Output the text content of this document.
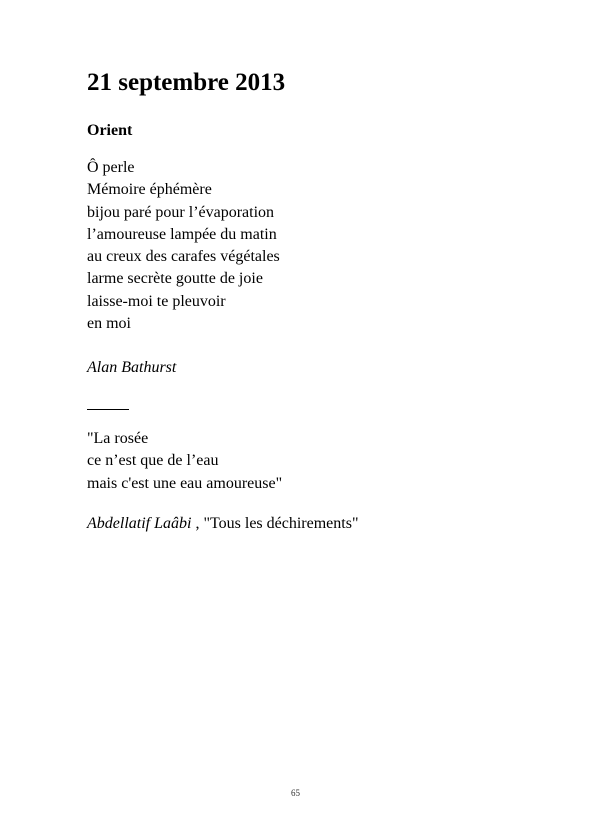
21 septembre 2013
Orient
Ô perle
Mémoire éphémère
bijou paré pour l’évaporation
l’amoureuse lampée du matin
au creux des carafes végétales
larme secrète goutte de joie
laisse-moi te pleuvoir
en moi

Alan Bathurst

"La rosée
ce n’est que de l’eau
mais c'est une eau amoureuse"

Abdellatif Laâbi , "Tous les déchirements"

65
